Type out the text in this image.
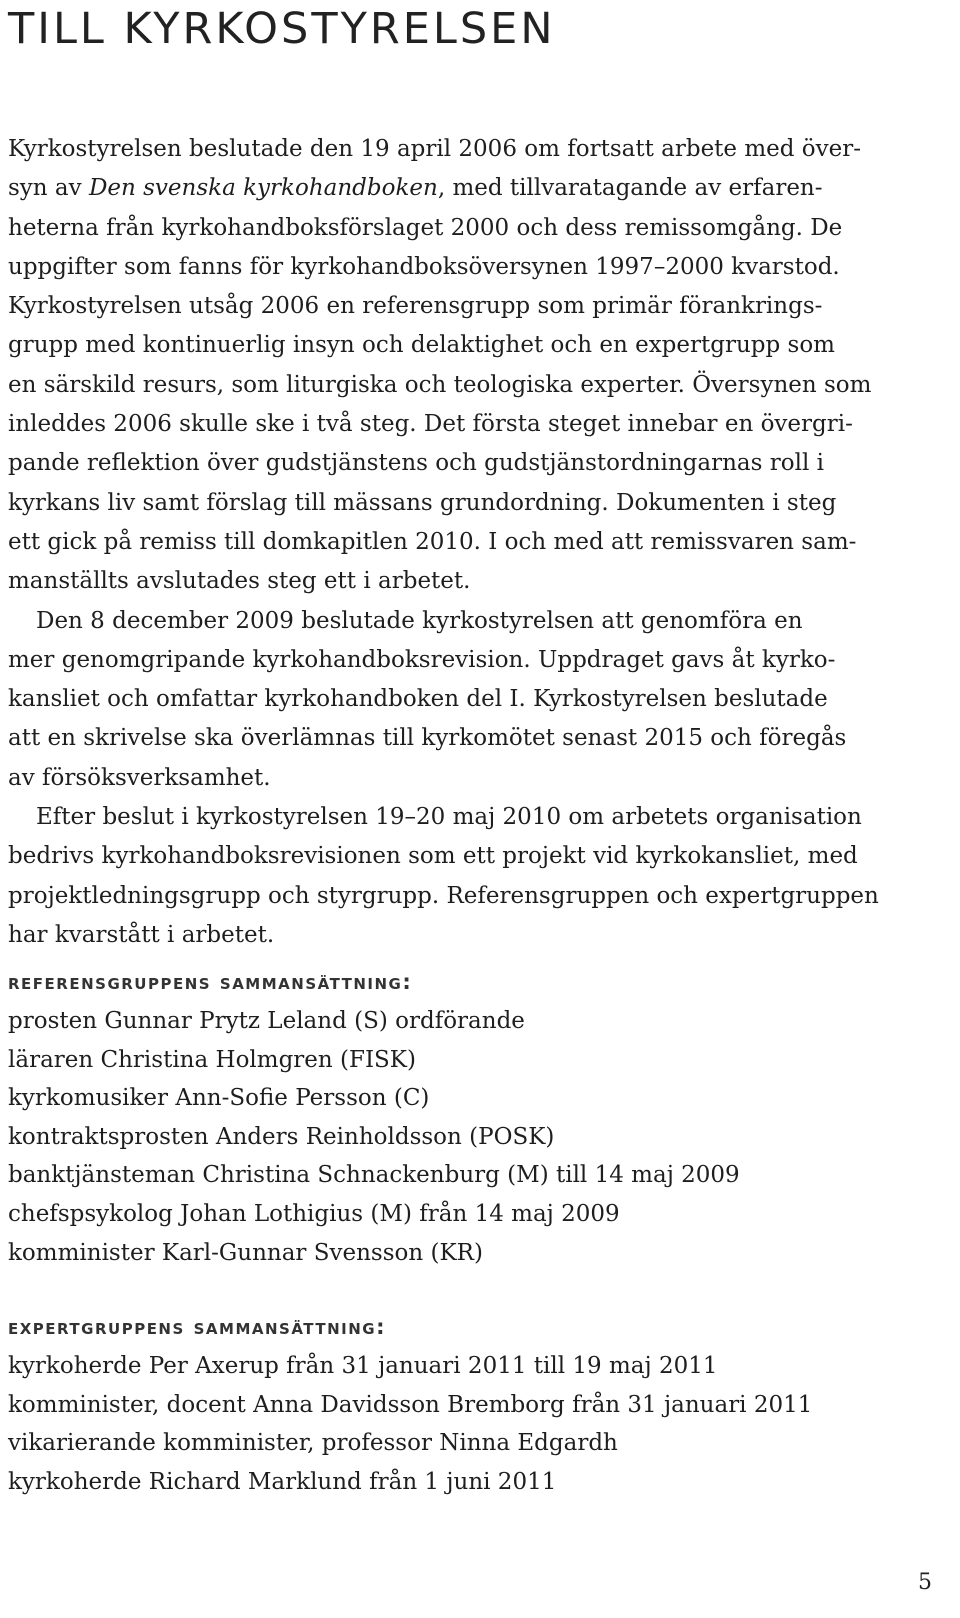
TILL KYRKOSTYRELSEN

Kyrkostyrelsen beslutade den 19 april 2006 om fortsatt arbete med över-
syn av Den svenska kyrkohandboken, med tillvaratagande av erfaren-
heterna från kyrkohandboksförslaget 2000 och dess remissomgång. De
uppgifter som fanns för kyrkohandboksöversynen 1997–2000 kvarstod.
Kyrkostyrelsen utsåg 2006 en referensgrupp som primär förankrings-
grupp med kontinuerlig insyn och delaktighet och en expertgrupp som
en särskild resurs, som liturgiska och teologiska experter. Översynen som
inleddes 2006 skulle ske i två steg. Det första steget innebar en övergri-
pande reflektion över gudstjänstens och gudstjänstordningarnas roll i
kyrkans liv samt förslag till mässans grundordning. Dokumenten i steg
ett gick på remiss till domkapitlen 2010. I och med att remissvaren sam-
manställts avslutades steg ett i arbetet.

Den 8 december 2009 beslutade kyrkostyrelsen att genomföra en
mer genomgripande kyrkohandboksrevision. Uppdraget gavs åt kyrko-
kansliet och omfattar kyrkohandboken del I. Kyrkostyrelsen beslutade
att en skrivelse ska överlämnas till kyrkomötet senast 2015 och föregås
av försöksverksamhet.

Efter beslut i kyrkostyrelsen 19–20 maj 2010 om arbetets organisation
bedrivs kyrkohandboksrevisionen som ett projekt vid kyrkokansliet, med
projektledningsgrupp och styrgrupp. Referensgruppen och expertgruppen
har kvarstått i arbetet.

referensgruppens sammansättning:
prosten Gunnar Prytz Leland (S) ordförande
läraren Christina Holmgren (FISK)
kyrkomusiker Ann-Sofie Persson (C)
kontraktsprosten Anders Reinholdsson (POSK)
banktjänsteman Christina Schnackenburg (M) till 14 maj 2009
chefspsykolog Johan Lothigius (M) från 14 maj 2009
komminister Karl-Gunnar Svensson (KR)
expertgruppens sammansättning:
kyrkoherde Per Axerup från 31 januari 2011 till 19 maj 2011
komminister, docent Anna Davidsson Bremborg från 31 januari 2011
vikarierande komminister, professor Ninna Edgardh
kyrkoherde Richard Marklund från 1 juni 2011
5
